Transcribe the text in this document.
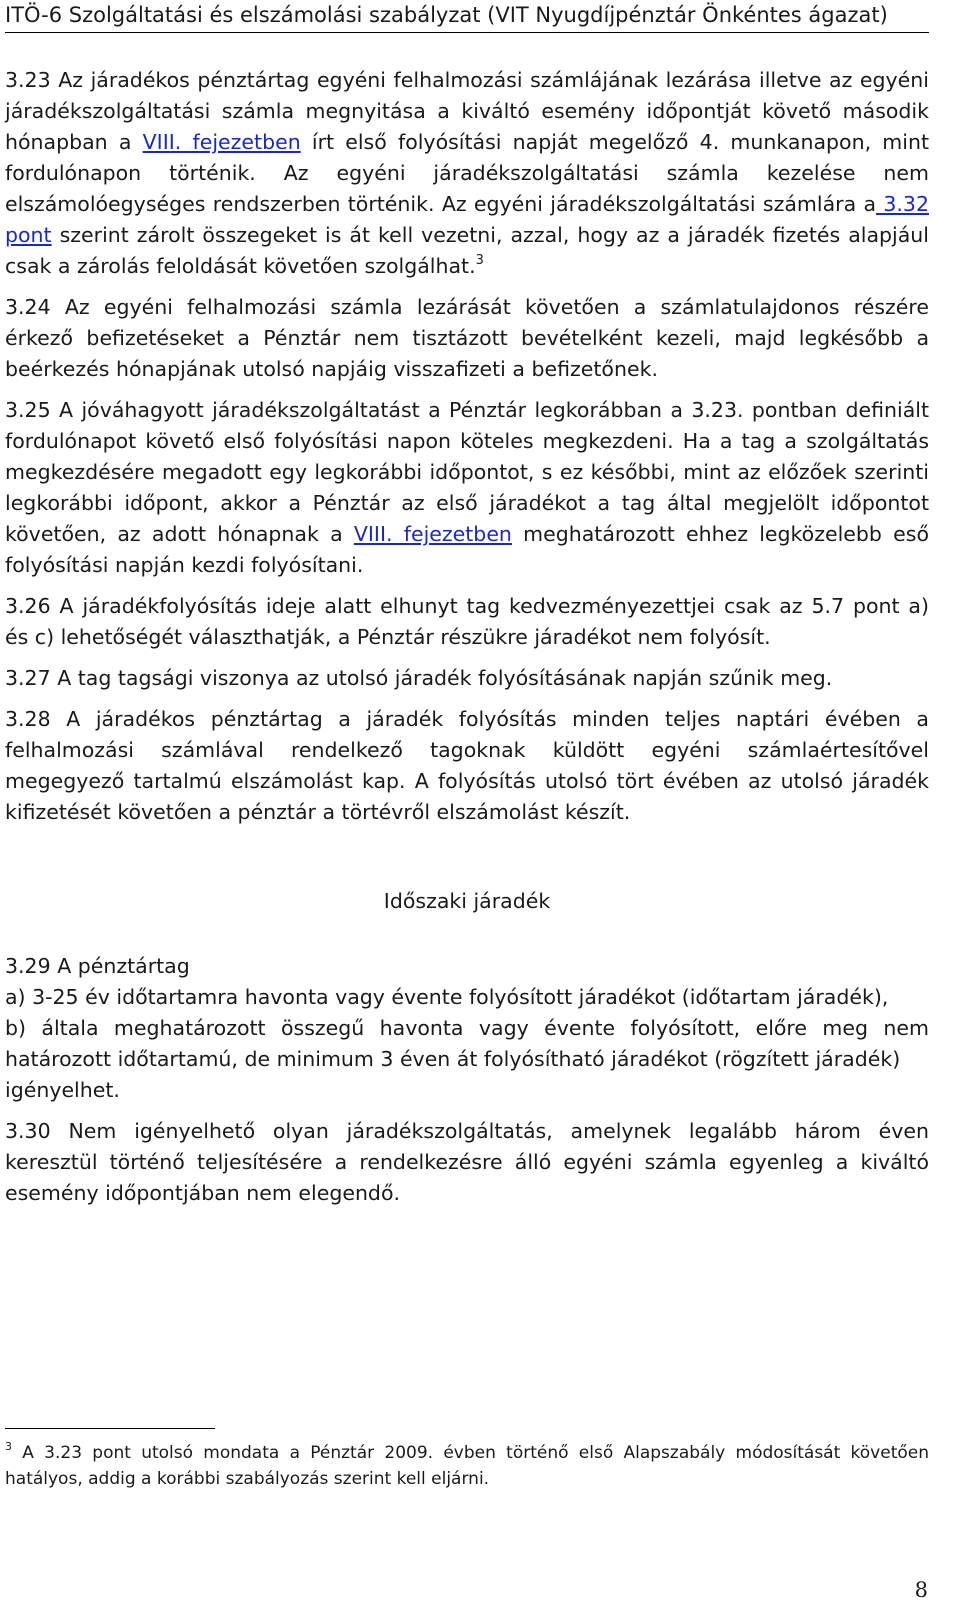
ITÖ-6 Szolgáltatási és elszámolási szabályzat (VIT Nyugdíjpénztár Önkéntes ágazat)

3.23 Az járadékos pénztártag egyéni felhalmozási számlájának lezárása illetve az egyéni járadékszolgáltatási számla megnyitása a kiváltó esemény időpontját követő második hónapban a VIII. fejezetben írt első folyósítási napját megelőző 4. munkanapon, mint fordulónapon történik. Az egyéni járadékszolgáltatási számla kezelése nem elszámolóegységes rendszerben történik. Az egyéni járadékszolgáltatási számlára a 3.32 pont szerint zárolt összegeket is át kell vezetni, azzal, hogy az a járadék fizetés alapjául csak a zárolás feloldását követően szolgálhat.$^3$

3.24 Az egyéni felhalmozási számla lezárását követően a számlatulajdonos részére érkező befizetéseket a Pénztár nem tisztázott bevételként kezeli, majd legkésőbb a beérkezés hónapjának utolsó napjáig visszafizeti a befizetőnek.

3.25 A jóváhagyott járadékszolgáltatást a Pénztár legkorábban a 3.23. pontban definiált fordulónapot követő első folyósítási napon köteles megkezdeni. Ha a tag a szolgáltatás megkezdésére megadott egy legkorábbi időpontot, s ez későbbi, mint az előzőek szerinti legkorábbi időpont, akkor a Pénztár az első járadékot a tag által megjelölt időpontot követően, az adott hónapnak a VIII. fejezetben meghatározott ehhez legközelebb eső folyósítási napján kezdi folyósítani.

3.26 A járadékfolyósítás ideje alatt elhunyt tag kedvezményezettjei csak az 5.7 pont a) és c) lehetőségét választhatják, a Pénztár részükre járadékot nem folyósít.

3.27 A tag tagsági viszonya az utolsó járadék folyósításának napján szűnik meg.

3.28 A járadékos pénztártag a járadék folyósítás minden teljes naptári évében a felhalmozási számlával rendelkező tagoknak küldött egyéni számlaértesítővel megegyező tartalmú elszámolást kap. A folyósítás utolsó tört évében az utolsó járadék kifizetését követően a pénztár a törtévről elszámolást készít.

Időszaki járadék

3.29 A pénztártag
a) 3-25 év időtartamra havonta vagy évente folyósított járadékot (időtartam járadék),
b) általa meghatározott összegű havonta vagy évente folyósított, előre meg nem határozott időtartamú, de minimum 3 éven át folyósítható járadékot (rögzített járadék)
igényelhet.

3.30 Nem igényelhető olyan járadékszolgáltatás, amelynek legalább három éven keresztül történő teljesítésére a rendelkezésre álló egyéni számla egyenleg a kiváltó esemény időpontjában nem elegendő.

$^3$ A 3.23 pont utolsó mondata a Pénztár 2009. évben történő első Alapszabály módosítását követően hatályos, addig a korábbi szabályozás szerint kell eljárni.
8
